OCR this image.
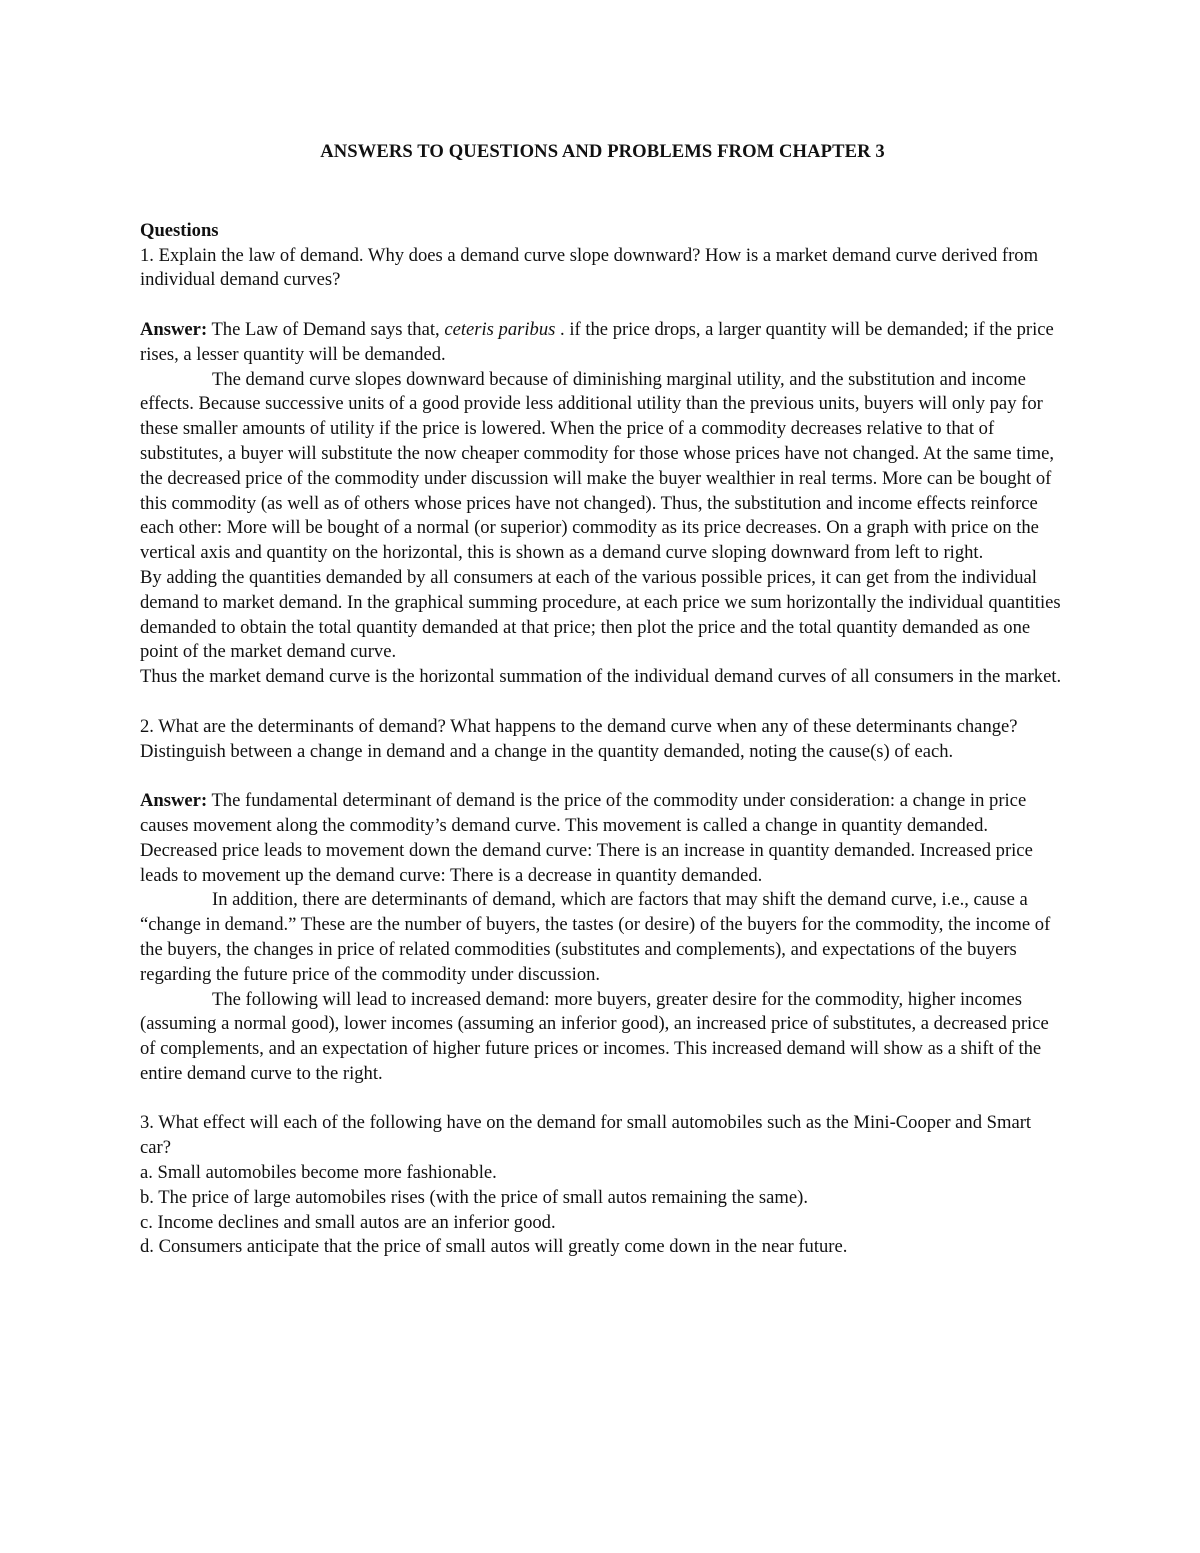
ANSWERS TO QUESTIONS AND PROBLEMS FROM CHAPTER 3

Questions

1. Explain the law of demand. Why does a demand curve slope downward? How is a market demand curve derived from individual demand curves?

Answer: The Law of Demand says that, ceteris paribus . if the price drops, a larger quantity will be demanded; if the price rises, a lesser quantity will be demanded.

The demand curve slopes downward because of diminishing marginal utility, and the substitution and income effects. Because successive units of a good provide less additional utility than the previous units, buyers will only pay for these smaller amounts of utility if the price is lowered. When the price of a commodity decreases relative to that of substitutes, a buyer will substitute the now cheaper commodity for those whose prices have not changed. At the same time, the decreased price of the commodity under discussion will make the buyer wealthier in real terms. More can be bought of this commodity (as well as of others whose prices have not changed). Thus, the substitution and income effects reinforce each other: More will be bought of a normal (or superior) commodity as its price decreases. On a graph with price on the vertical axis and quantity on the horizontal, this is shown as a demand curve sloping downward from left to right.

By adding the quantities demanded by all consumers at each of the various possible prices, it can get from the individual demand to market demand. In the graphical summing procedure, at each price we sum horizontally the individual quantities demanded to obtain the total quantity demanded at that price; then plot the price and the total quantity demanded as one point of the market demand curve.

Thus the market demand curve is the horizontal summation of the individual demand curves of all consumers in the market.

2. What are the determinants of demand? What happens to the demand curve when any of these determinants change? Distinguish between a change in demand and a change in the quantity demanded, noting the cause(s) of each.

Answer: The fundamental determinant of demand is the price of the commodity under consideration: a change in price causes movement along the commodity’s demand curve. This movement is called a change in quantity demanded. Decreased price leads to movement down the demand curve: There is an increase in quantity demanded. Increased price leads to movement up the demand curve: There is a decrease in quantity demanded.

In addition, there are determinants of demand, which are factors that may shift the demand curve, i.e., cause a “change in demand.” These are the number of buyers, the tastes (or desire) of the buyers for the commodity, the income of the buyers, the changes in price of related commodities (substitutes and complements), and expectations of the buyers regarding the future price of the commodity under discussion.

The following will lead to increased demand: more buyers, greater desire for the commodity, higher incomes (assuming a normal good), lower incomes (assuming an inferior good), an increased price of substitutes, a decreased price of complements, and an expectation of higher future prices or incomes. This increased demand will show as a shift of the entire demand curve to the right.

3. What effect will each of the following have on the demand for small automobiles such as the Mini-Cooper and Smart car?

a. Small automobiles become more fashionable.

b. The price of large automobiles rises (with the price of small autos remaining the same).

c. Income declines and small autos are an inferior good.

d. Consumers anticipate that the price of small autos will greatly come down in the near future.
